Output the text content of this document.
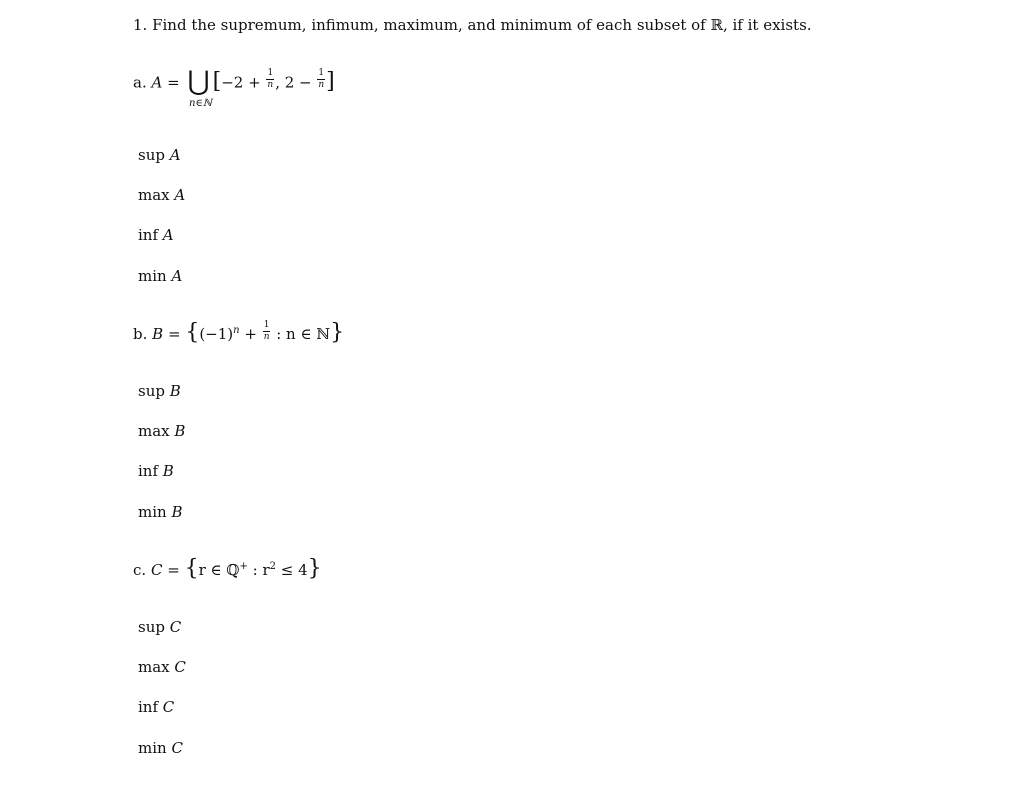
1. Find the supremum, infimum, maximum, and minimum of each subset of ℝ, if it exists.
a. A = ⋃ [$-2 + \frac{1}{n}$ , $2 - \frac{1}{n}$ ]
n∈ℕ
sup A
max A
inf A
min A
b. $B = \{(-1)^n + \frac{1}{n}$ : n ∈ ℕ}
sup B
max B
inf B
min B
c. C = {r ∈ ℚ+ : $r^2 \le 4$}
sup C
max C
inf C
min C
